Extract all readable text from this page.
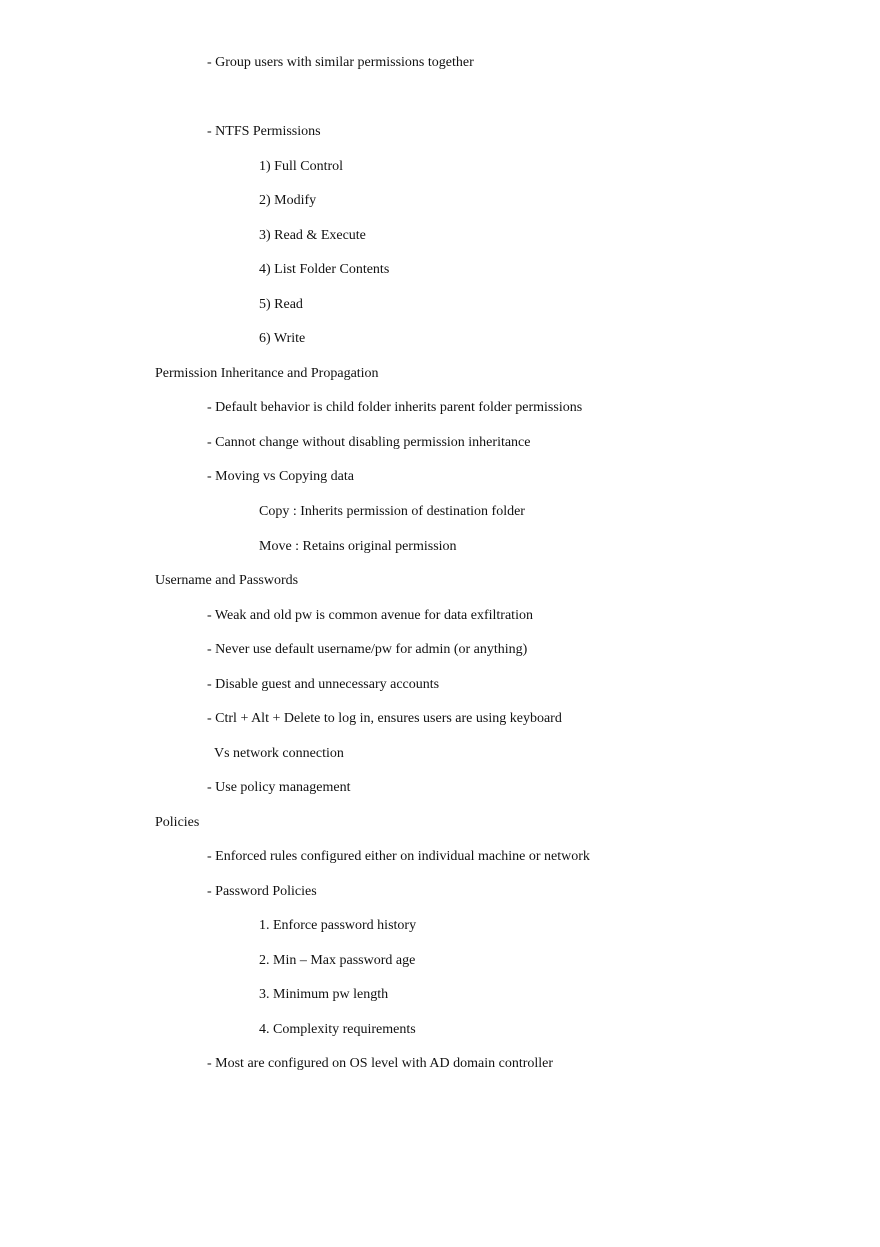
- Group users with similar permissions together
- NTFS Permissions
1) Full Control
2) Modify
3) Read & Execute
4) List Folder Contents
5) Read
6) Write
Permission Inheritance and Propagation
- Default behavior is child folder inherits parent folder permissions
- Cannot change without disabling permission inheritance
- Moving vs Copying data
Copy : Inherits permission of destination folder
Move : Retains original permission
Username and Passwords
- Weak and old pw is common avenue for data exfiltration
- Never use default username/pw for admin (or anything)
- Disable guest and unnecessary accounts
- Ctrl + Alt + Delete to log in, ensures users are using keyboard
Vs network connection
- Use policy management
Policies
- Enforced rules configured either on individual machine or network
- Password Policies
1. Enforce password history
2. Min – Max password age
3. Minimum pw length
4. Complexity requirements
- Most are configured on OS level with AD domain controller
